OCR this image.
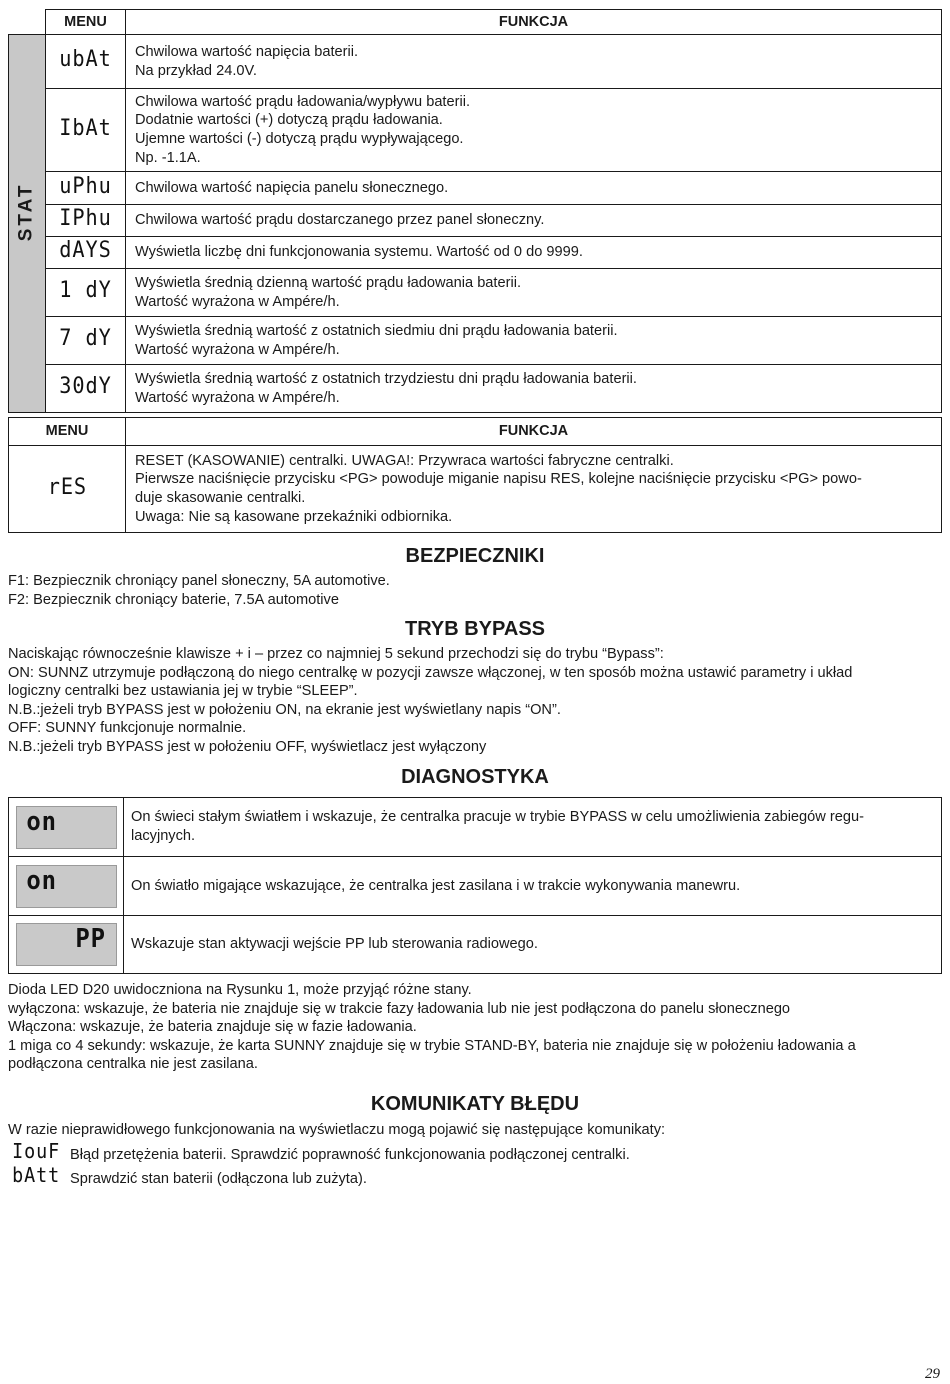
	MENU	FUNKCJA

STAT	ubAt	Chwilowa wartość napięcia baterii.
Na przykład 24.0V.

	IbAt	Chwilowa wartość prądu ładowania/wypływu baterii.
Dodatnie wartości (+) dotyczą prądu ładowania.
Ujemne wartości (-) dotyczą prądu wypływającego.
Np. -1.1A.

	uPhu	Chwilowa wartość napięcia panelu słonecznego.

	IPhu	Chwilowa wartość prądu dostarczanego przez panel słoneczny.

	dAYS	Wyświetla liczbę dni funkcjonowania systemu. Wartość od 0 do 9999.

	1 dY	Wyświetla średnią dzienną wartość prądu ładowania baterii.
Wartość wyrażona w Ampére/h.

	7 dY	Wyświetla średnią wartość z ostatnich siedmiu dni prądu ładowania baterii.
Wartość wyrażona w Ampére/h.

	30dY	Wyświetla średnią wartość z ostatnich trzydziestu dni prądu ładowania baterii.
Wartość wyrażona w Ampére/h.
MENU	FUNKCJA
rES	RESET (KASOWANIE) centralki. UWAGA!: Przywraca wartości fabryczne centralki.
Pierwsze naciśnięcie przycisku <PG> powoduje miganie napisu RES, kolejne naciśnięcie przycisku <PG> powo-
duje skasowanie centralki.
Uwaga: Nie są kasowane przekaźniki odbiornika.
BEZPIECZNIKI
F1: Bezpiecznik chroniący panel słoneczny, 5A automotive.
F2: Bezpiecznik chroniący baterie, 7.5A automotive
TRYB BYPASS
Naciskając równocześnie klawisze + i – przez co najmniej 5 sekund przechodzi się do trybu “Bypass”:
ON: SUNNZ utrzymuje podłączoną do niego centralkę w pozycji zawsze włączonej, w ten sposób można ustawić parametry i układ
logiczny centralki bez ustawiania jej w trybie “SLEEP”.
N.B.:jeżeli tryb BYPASS jest w położeniu ON, na ekranie jest wyświetlany napis “ON”.
OFF: SUNNY funkcjonuje normalnie.
N.B.:jeżeli tryb BYPASS jest w położeniu OFF, wyświetlacz jest wyłączony
DIAGNOSTYKA
on	On świeci stałym światłem i wskazuje, że centralka pracuje w trybie BYPASS w celu umożliwienia zabiegów regu-
lacyjnych.

on	On światło migające wskazujące, że centralka jest zasilana i w trakcie wykonywania manewru.

PP	Wskazuje stan aktywacji wejście PP lub sterowania radiowego.
Dioda LED D20 uwidoczniona na Rysunku 1, może przyjąć różne stany.
wyłączona: wskazuje, że bateria nie znajduje się w trakcie fazy ładowania lub nie jest podłączona do panelu słonecznego
Włączona: wskazuje, że bateria znajduje się w fazie ładowania.
1 miga co 4 sekundy: wskazuje, że karta SUNNY znajduje się w trybie STAND-BY, bateria nie znajduje się w położeniu ładowania a
podłączona centralka nie jest zasilana.
KOMUNIKATY BŁĘDU
W razie nieprawidłowego funkcjonowania na wyświetlaczu mogą pojawić się następujące komunikaty:
IouF Błąd przetężenia baterii. Sprawdzić poprawność funkcjonowania podłączonej centralki.
bAtt Sprawdzić stan baterii (odłączona lub zużyta).
29
